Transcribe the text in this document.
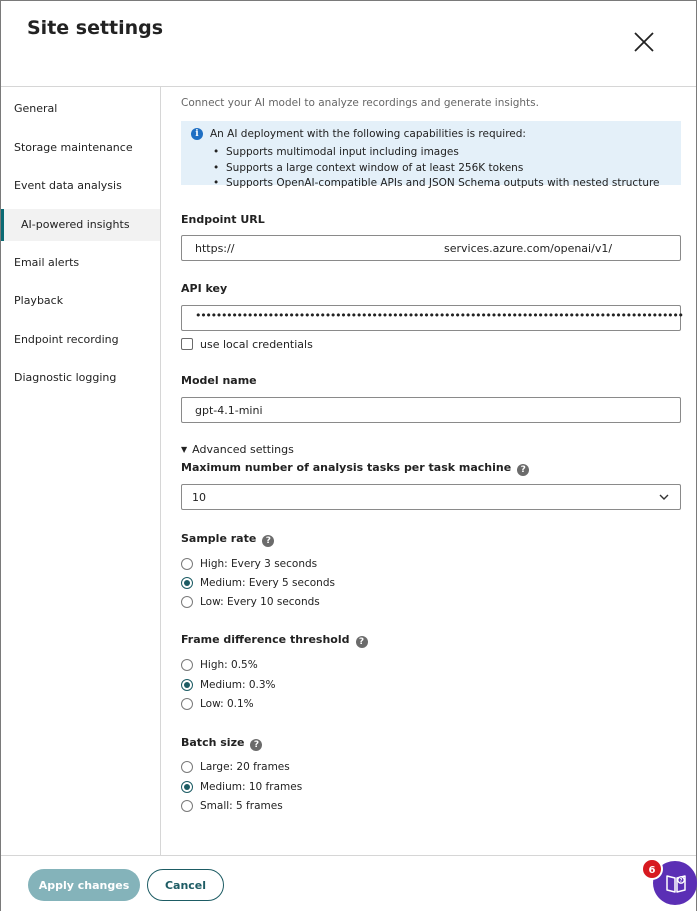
Site settings
General
Storage maintenance
Event data analysis
AI-powered insights
Email alerts
Playback
Endpoint recording
Diagnostic logging
Connect your AI model to analyze recordings and generate insights.
i	An AI deployment with the following capabilities is required:
• Supports multimodal input including images
• Supports a large context window of at least 256K tokens
• Supports OpenAI-compatible APIs and JSON Schema outputs with nested structure
Endpoint URL
https://	services.azure.com/openai/v1/
API key
••••••••••••••••••••••••••••••••••••••••••••••••••••••••••••••••••••••••••••••••••••••••••••••
use local credentials
Model name
gpt-4.1-mini
▼ Advanced settings
Maximum number of analysis tasks per task machine ?
10
Sample rate ?
High: Every 3 seconds
Medium: Every 5 seconds
Low: Every 10 seconds
Frame difference threshold ?
High: 0.5%
Medium: 0.3%
Low: 0.1%
Batch size ?
Large: 20 frames
Medium: 10 frames
Small: 5 frames
Apply changes	Cancel	?
6
